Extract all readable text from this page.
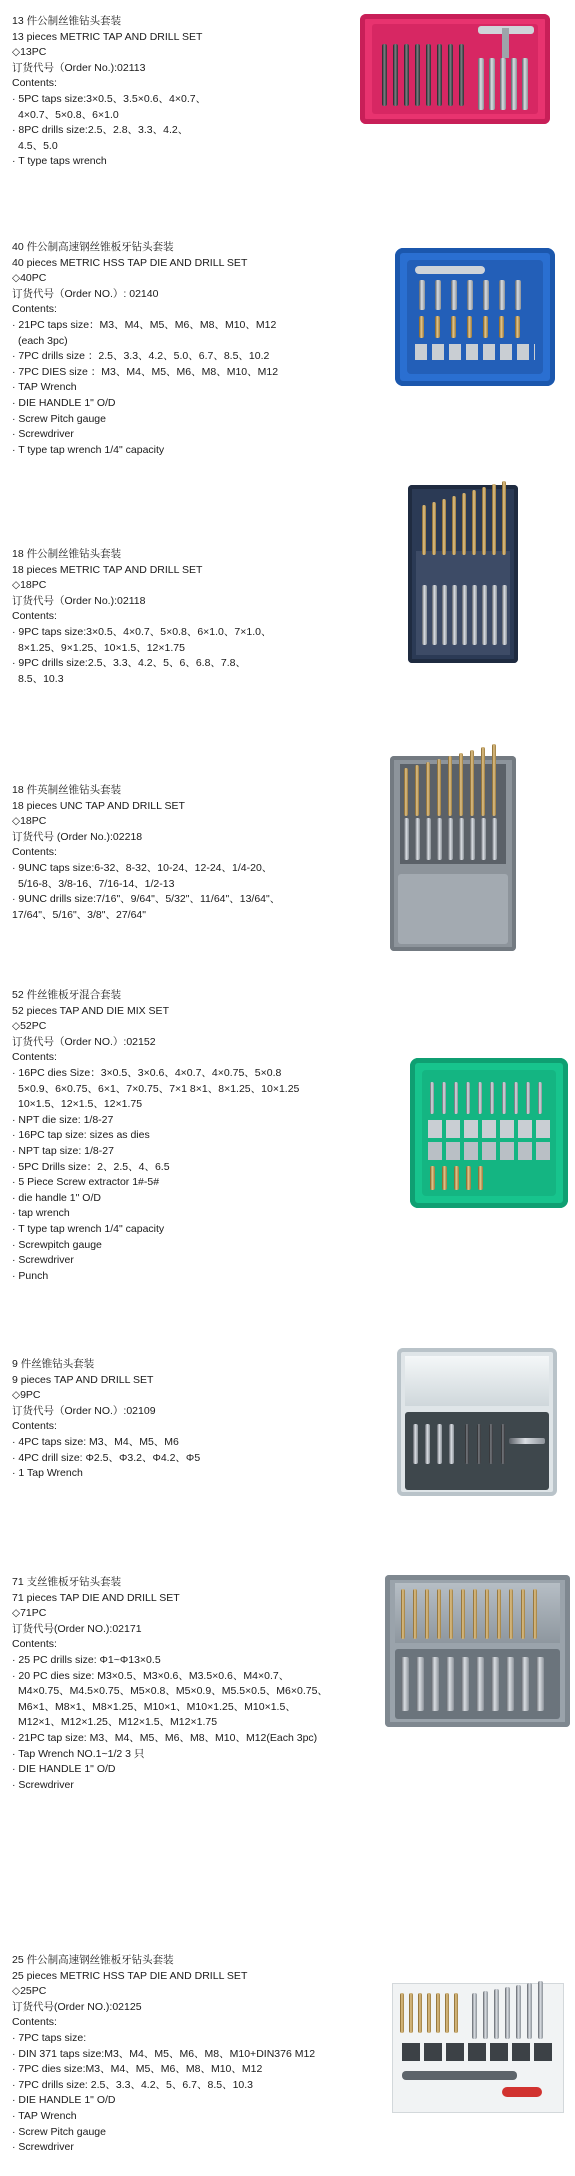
13 件公制丝锥钻头套装
13 pieces METRIC TAP AND DRILL SET
◇13PC
订货代号（Order No.):02113
Contents:
· 5PC taps size:3×0.5、3.5×0.6、4×0.7、
4×0.7、5×0.8、6×1.0
· 8PC drills size:2.5、2.8、3.3、4.2、
4.5、5.0
· T type taps wrench
40 件公制高速钢丝锥板牙钻头套装
40 pieces METRIC HSS TAP DIE AND DRILL SET
◇40PC
订货代号（Order NO.）: 02140
Contents:
· 21PC taps size：M3、M4、M5、M6、M8、M10、M12
(each 3pc)
· 7PC drills size ：2.5、3.3、4.2、5.0、6.7、8.5、10.2
· 7PC DIES size ：M3、M4、M5、M6、M8、M10、M12
· TAP Wrench
· DIE HANDLE 1" O/D
· Screw Pitch gauge
· Screwdriver
· T type tap wrench 1/4" capacity
18 件公制丝锥钻头套装
18 pieces METRIC TAP AND DRILL SET
◇18PC
订货代号（Order No.):02118
Contents:
· 9PC taps size:3×0.5、4×0.7、5×0.8、6×1.0、7×1.0、
8×1.25、9×1.25、10×1.5、12×1.75
· 9PC drills size:2.5、3.3、4.2、5、6、6.8、7.8、
8.5、10.3
18 件英制丝锥钻头套装
18 pieces UNC TAP AND DRILL SET
◇18PC
订货代号 (Order No.):02218
Contents:
· 9UNC taps size:6-32、8-32、10-24、12-24、1/4-20、
5/16-8、3/8-16、7/16-14、1/2-13
· 9UNC drills size:7/16"、9/64"、5/32"、11/64"、13/64"、
17/64"、5/16"、3/8"、27/64"
52 件丝锥板牙混合套装
52 pieces TAP AND DIE MIX SET
◇52PC
订货代号（Order NO.）:02152
Contents:
· 16PC dies Size：3×0.5、3×0.6、4×0.7、4×0.75、5×0.8
5×0.9、6×0.75、6×1、7×0.75、7×1 8×1、8×1.25、10×1.25
10×1.5、12×1.5、12×1.75
· NPT die size: 1/8-27
· 16PC tap size: sizes as dies
· NPT tap size: 1/8-27
· 5PC Drills size：2、2.5、4、6.5
· 5 Piece Screw extractor 1#-5#
· die handle 1" O/D
· tap wrench
· T type tap wrench 1/4" capacity
· Screwpitch gauge
· Screwdriver
· Punch
9 件丝锥钻头套装
9 pieces TAP AND DRILL SET
◇9PC
订货代号（Order NO.）:02109
Contents:
· 4PC taps size: M3、M4、M5、M6
· 4PC drill size: Φ2.5、Φ3.2、Φ4.2、Φ5
· 1 Tap Wrench
71 支丝锥板牙钻头套装
71 pieces TAP DIE AND DRILL SET
◇71PC
订货代号(Order NO.):02171
Contents:
· 25 PC drills size: Φ1~Φ13×0.5
· 20 PC dies size: M3×0.5、M3×0.6、M3.5×0.6、M4×0.7、
M4×0.75、M4.5×0.75、M5×0.8、M5×0.9、M5.5×0.5、M6×0.75、
M6×1、M8×1、M8×1.25、M10×1、M10×1.25、M10×1.5、
M12×1、M12×1.25、M12×1.5、M12×1.75
· 21PC tap size: M3、M4、M5、M6、M8、M10、M12(Each 3pc)
· Tap Wrench NO.1~1/2 3 只
· DIE HANDLE 1" O/D
· Screwdriver
25 件公制高速钢丝锥板牙钻头套装
25 pieces METRIC HSS TAP DIE AND DRILL SET
◇25PC
订货代号(Order NO.):02125
Contents:
· 7PC taps size:
· DIN 371 taps size:M3、M4、M5、M6、M8、M10+DIN376 M12
· 7PC dies size:M3、M4、M5、M6、M8、M10、M12
· 7PC drills size: 2.5、3.3、4.2、5、6.7、8.5、10.3
· DIE HANDLE 1" O/D
· TAP Wrench
· Screw Pitch gauge
· Screwdriver
